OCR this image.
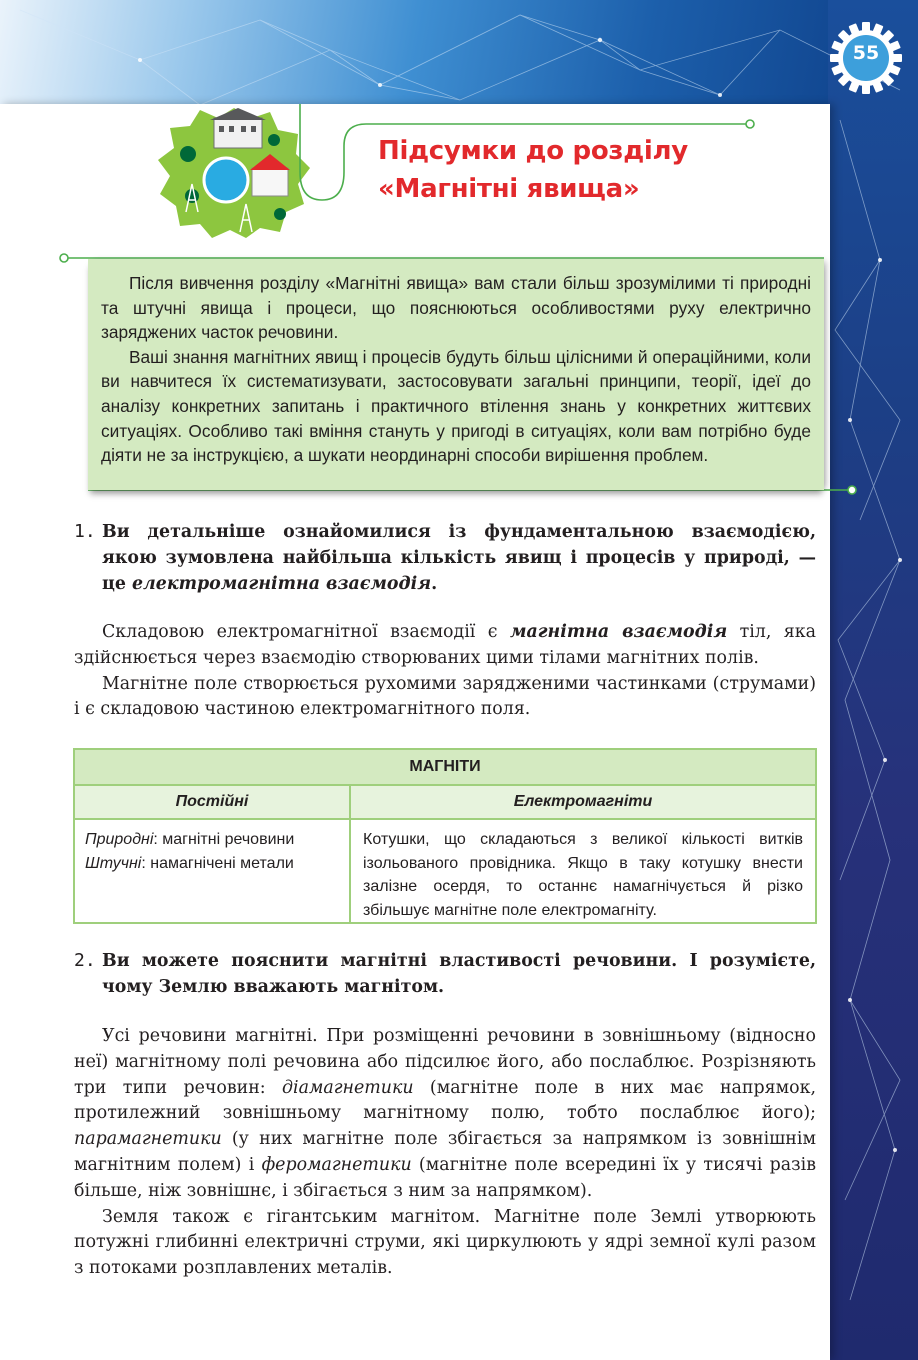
55
Підсумки до розділу
«Магнітні явища»

Після вивчення розділу «Магнітні явища» вам стали більш зрозумілими ті природні та штучні явища і процеси, що пояснюються особливостями руху електрично заряджених часток речовини.

Ваші знання магнітних явищ і процесів будуть більш цілісними й операційними, коли ви навчитеся їх систематизувати, застосовувати загальні принципи, теорії, ідеї до аналізу конкретних запитань і практичного втілення знань у конкретних життєвих ситуаціях. Особливо такі вміння стануть у пригоді в ситуаціях, коли вам потрібно буде діяти не за інструкцією, а шукати неординарні способи вирішення проблем.

1. Ви детальніше ознайомилися із фундаментальною взаємодією, якою зумовлена найбільша кількість явищ і процесів у природі, — це електромагнітна взаємодія.

Складовою електромагнітної взаємодії є магнітна взаємодія тіл, яка здійснюється через взаємодію створюваних цими тілами магнітних полів.

Магнітне поле створюється рухомими зарядженими частинками (струмами) і є складовою частиною електромагнітного поля.

МАГНІТИ	
Постійні	Електромагніти

Природні: магнітні речовини
Штучні: намагнічені метали	Котушки, що складаються з великої кількості витків ізольованого провідника. Якщо в таку котушку внести залізне осердя, то останнє намагнічується й різко збільшує магнітне поле електромагніту.
2. Ви можете пояснити магнітні властивості речовини. І розумієте, чому Землю вважають магнітом.

Усі речовини магнітні. При розміщенні речовини в зовнішньому (відносно неї) магнітному полі речовина або підсилює його, або послаблює. Розрізняють три типи речовин: діамагнетики (магнітне поле в них має напрямок, протилежний зовнішньому магнітному полю, тобто послаблює його); парамагнетики (у них магнітне поле збігається за напрямком із зовнішнім магнітним полем) і феромагнетики (магнітне поле всередині їх у тисячі разів більше, ніж зовнішнє, і збігається з ним за напрямком).

Земля також є гігантським магнітом. Магнітне поле Землі утворюють потужні глибинні електричні струми, які циркулюють у ядрі земної кулі разом з потоками розплавлених металів.
